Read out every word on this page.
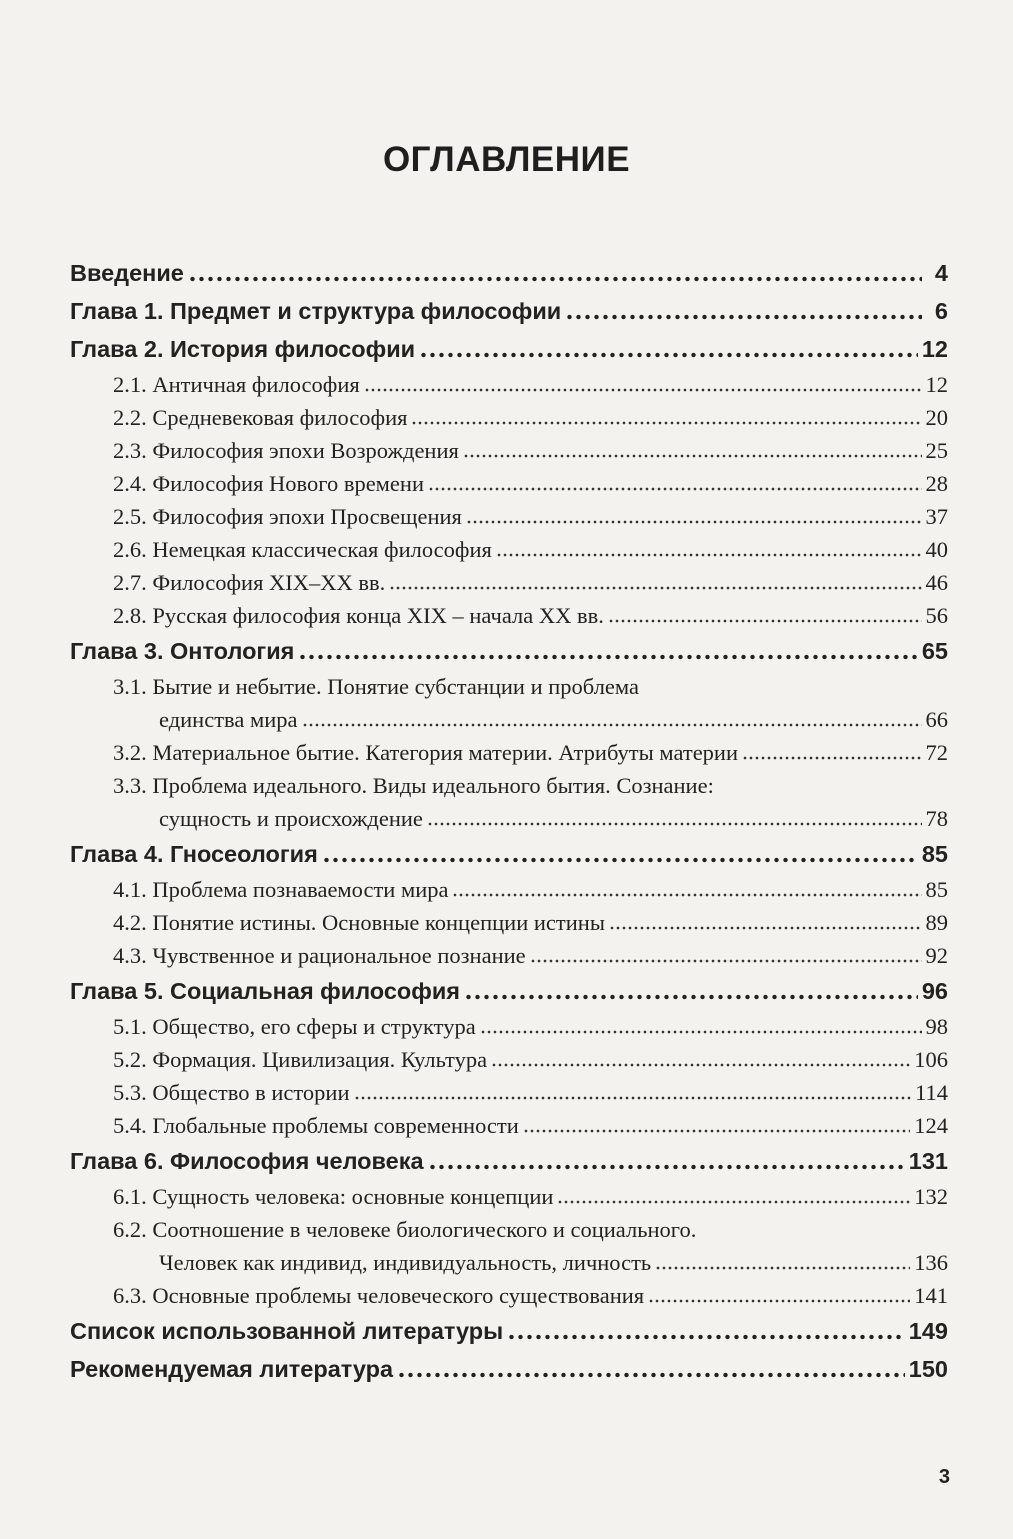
ОГЛАВЛЕНИЕ
Введение	4
Глава 1. Предмет и структура философии	6
Глава 2. История философии	12
2.1. Античная философия	12
2.2. Средневековая философия	20
2.3. Философия эпохи Возрождения	25
2.4. Философия Нового времени	28
2.5. Философия эпохи Просвещения	37
2.6. Немецкая классическая философия	40
2.7. Философия XIX–XX вв.	46
2.8. Русская философия конца XIX – начала XX вв.	56
Глава 3. Онтология	65
3.1. Бытие и небытие. Понятие субстанции и проблема
единства мира	66
3.2. Материальное бытие. Категория материи. Атрибуты материи	72
3.3. Проблема идеального. Виды идеального бытия. Сознание:
сущность и происхождение	78
Глава 4. Гносеология	85
4.1. Проблема познаваемости мира	85
4.2. Понятие истины. Основные концепции истины	89
4.3. Чувственное и рациональное познание	92
Глава 5. Социальная философия	96
5.1. Общество, его сферы и структура	98
5.2. Формация. Цивилизация. Культура	106
5.3. Общество в истории	114
5.4. Глобальные проблемы современности	124
Глава 6. Философия человека	131
6.1. Сущность человека: основные концепции	132
6.2. Соотношение в человеке биологического и социального.
Человек как индивид, индивидуальность, личность	136
6.3. Основные проблемы человеческого существования	141
Список использованной литературы	149
Рекомендуемая литература	150
3
